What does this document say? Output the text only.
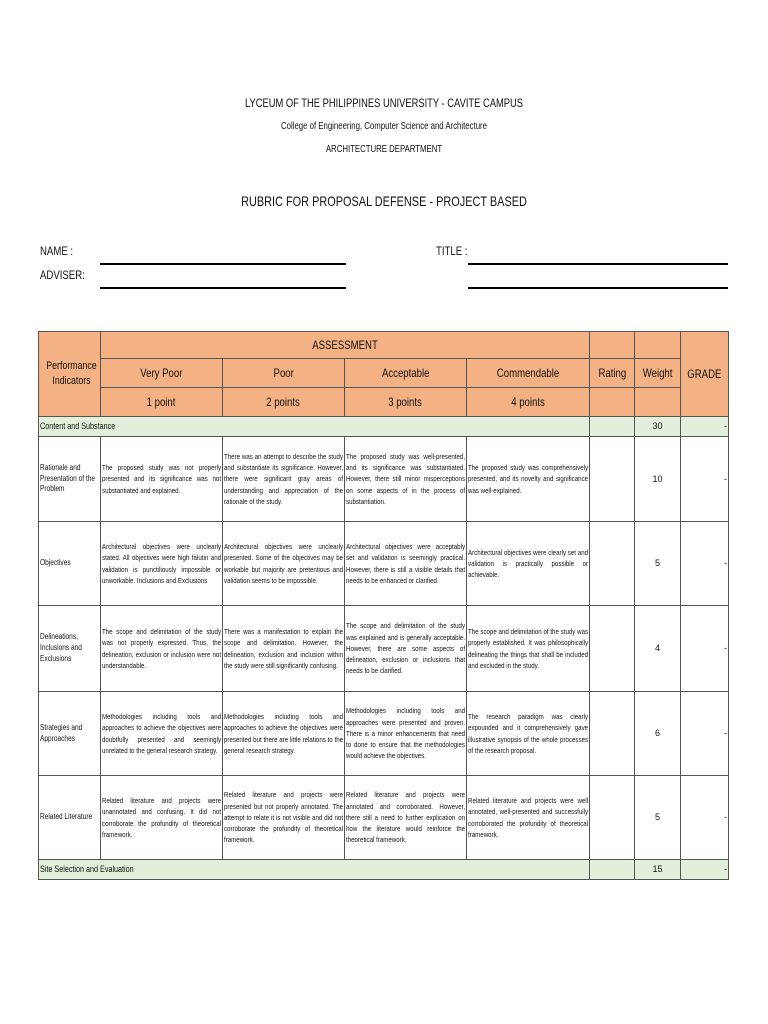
LYCEUM OF THE PHILIPPINES UNIVERSITY - CAVITE CAMPUS
College of Engineering, Computer Science and Architecture
ARCHITECTURE DEPARTMENT
RUBRIC FOR PROPOSAL DEFENSE - PROJECT BASED
NAME :
ADVISER:
TITLE :
Performance Indicators	ASSESSMENT						GRADE
	Very Poor	Poor	Acceptable	Commendable	Rating	Weight	
	1 point	2 points	3 points	4 points			
Content and Substance						30	-

Rationale and Presentation of the Problem	The proposed study was not properly presented and its significance was not substantiated and explained.	There was an attempt to describe the study and substantiate its significance. However, there were significant gray areas of understanding and appreciation of the rationale of the study.	The proposed study was well-presented, and its significance was substantiated. However, there still minor misperceptions on some aspects of in the process of substantiation.	The proposed study was comprehensively presented, and its novelty and significance was well-explained.		10	-

Objectives	Architectural objectives were unclearly stated. All objectives were high falutin and validation is punctiliously impossible or unworkable. Inclusions and Exclusions	Architectural objectives were unclearly presented. Some of the objectives may be workable but majority are pretentious and validation seems to be impossible.	Architectural objectives were acceptably set and validation is seemingly practical. However, there is still a visible details that needs to be enhanced or clarified.	Architectural objectives were clearly set and validation is practically possible or achievable.		5	-

Delineations, Inclusions and Exclusions	The scope and delimitation of the study was not properly expressed. Thus, the delineation, exclusion or inclusion were not understandable.	There was a manifestation to explain the scope and delimitation. However, the delineation, exclusion and inclusion within the study were still significantly confusing.	The scope and delimitation of the study was explained and is generally acceptable. However, there are some aspects of delineation, exclusion or inclusions that needs to be clarified.	The scope and delimitation of the study was properly established. It was philosophically delineating the things that shall be included and excluded in the study.		4	-

Strategies and Approaches	Methodologies including tools and approaches to achieve the objectives were doubtfully presented and seemingly unrelated to the general research strategy.	Methodologies including tools and approaches to achieve the objectives were presented but there are little relations to the general research strategy.	Methodologies including tools and approaches were presented and proven. There is a minor enhancements that need to done to ensure that the methodologies would achieve the objectives.	The research paradigm was clearly expounded and it comprehensively gave illustrative synopsis of the whole processes of the research proposal.		6	-

Related Literature	Related literature and projects were unannotated and confusing. It did not corroborate the profundity of theoretical framework.	Related literature and projects were presented but not properly annotated. The attempt to relate it is not visible and did not corroborate the profundity of theoretical framework.	Related literature and projects were annotated and corroborated. However, there still a need to further explication on how the literature would reinforce the theoretical framework.	Related literature and projects were well annotated, well-presented and successfully corroborated the profundity of theoretical framework.		5	-
Site Selection and Evaluation						15	-
